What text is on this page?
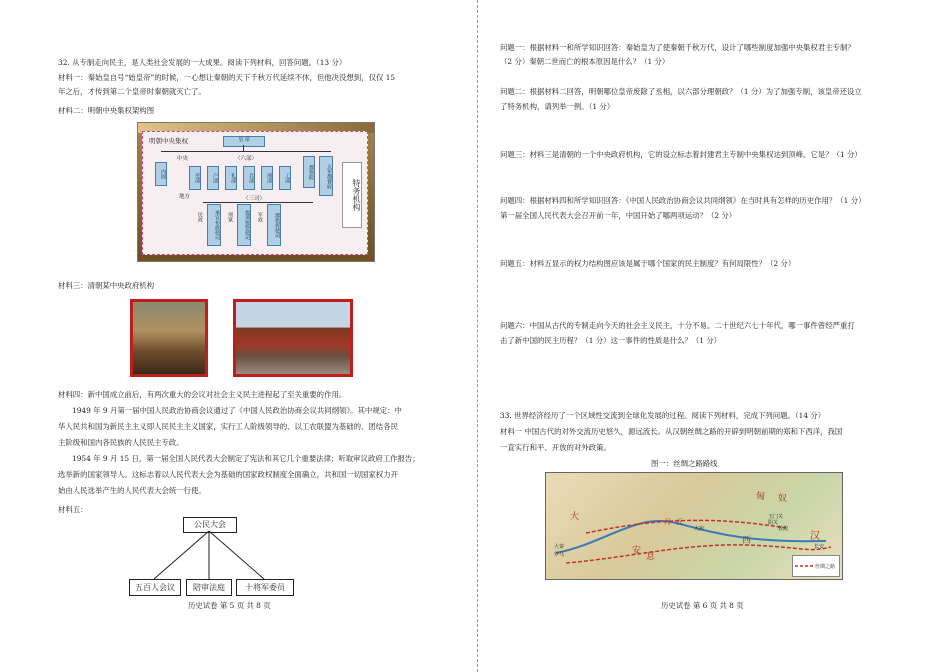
32. 从专制走向民主，是人类社会发展的一大成果。阅读下列材料，回答问题。（13 分）
材料一：秦始皇自号“始皇帝”的时候，一心想让秦朝的天下千秋万代延续不休，但他决没想到，仅仅 15
年之后，才传到第二个皇帝时秦朝就灭亡了。
材料二：明朝中央集权架构图
明朝中央集权	皇 帝
中央	（六部）
内阁	吏部	户部	礼部	兵部	刑部	工部	都察院	五军都督府
特务机构
地方	（三司）
民政	承宣布政使司 刑狱	提刑按察使司 军政	都指挥使司
材料三：清朝某中央政府机构
材料四：新中国成立前后，有两次重大的会议对社会主义民主进程起了至关重要的作用。
1949 年 9 月第一届中国人民政治协商会议通过了《中国人民政治协商会议共同纲领》。其中规定：中
华人民共和国为新民主主义即人民民主主义国家，实行工人阶级领导的、以工农联盟为基础的、团结各民
主阶级和国内各民族的人民民主专政。
1954 年 9 月 15 日，第一届全国人民代表大会制定了宪法和其它几个重要法律；听取审议政府工作报告；
选举新的国家领导人。这标志着以人民代表大会为基础的国家政权制度全面确立，共和国一切国家权力开
始由人民选举产生的人民代表大会统一行使。
材料五：
公民大会
五百人会议	陪审法庭	十将军委员
历史试卷 第 5 页 共 8 页
问题一：根据材料一和所学知识回答：秦始皇为了使秦朝千秋万代，设计了哪些制度加强中央集权君主专制？
（2 分）秦朝二世而亡的根本原因是什么？（1 分）
问题二：根据材料二回答，明朝哪位皇帝废除了丞相，以六部分理朝政？（1 分）为了加强专制，该皇帝还设立
了特务机构，请列举一例。（1 分）
问题三：材料三是清朝的一个中央政府机构，它的设立标志着封建君主专制中央集权达到顶峰。它是？（1 分）
问题四：根据材料四和所学知识回答：《中国人民政治协商会议共同纲领》在当时具有怎样的历史作用？（1 分）
第一届全国人民代表大会召开前一年，中国开始了哪两项运动？（2 分）
问题五：材料五显示的权力结构图应该是属于哪个国家的民主制度？有何局限性？（2 分）
问题六：中国从古代的专制走向今天的社会主义民主，十分不易。二十世纪六七十年代，哪一事件曾经严重打
击了新中国的民主历程？（1 分）这一事件的性质是什么？（1 分）
33. 世界经济经历了一个区域性交流到全球化发展的过程。阅读下列材料，完成下列问题。（14 分）
材料一 中国古代的对外交流历史悠久，源远流长。从汉朝丝绸之路的开辟到明朝前期的郑和下西洋，我国
一直实行和平、开放的对外政策。
图一：丝绸之路路线
历史试卷 第 6 页 共 8 页
匈 奴
大	月 氏
安
息
西	汉
长安
敦煌
玉门关
阳关
大宛
大秦
罗马
丝绸之路
